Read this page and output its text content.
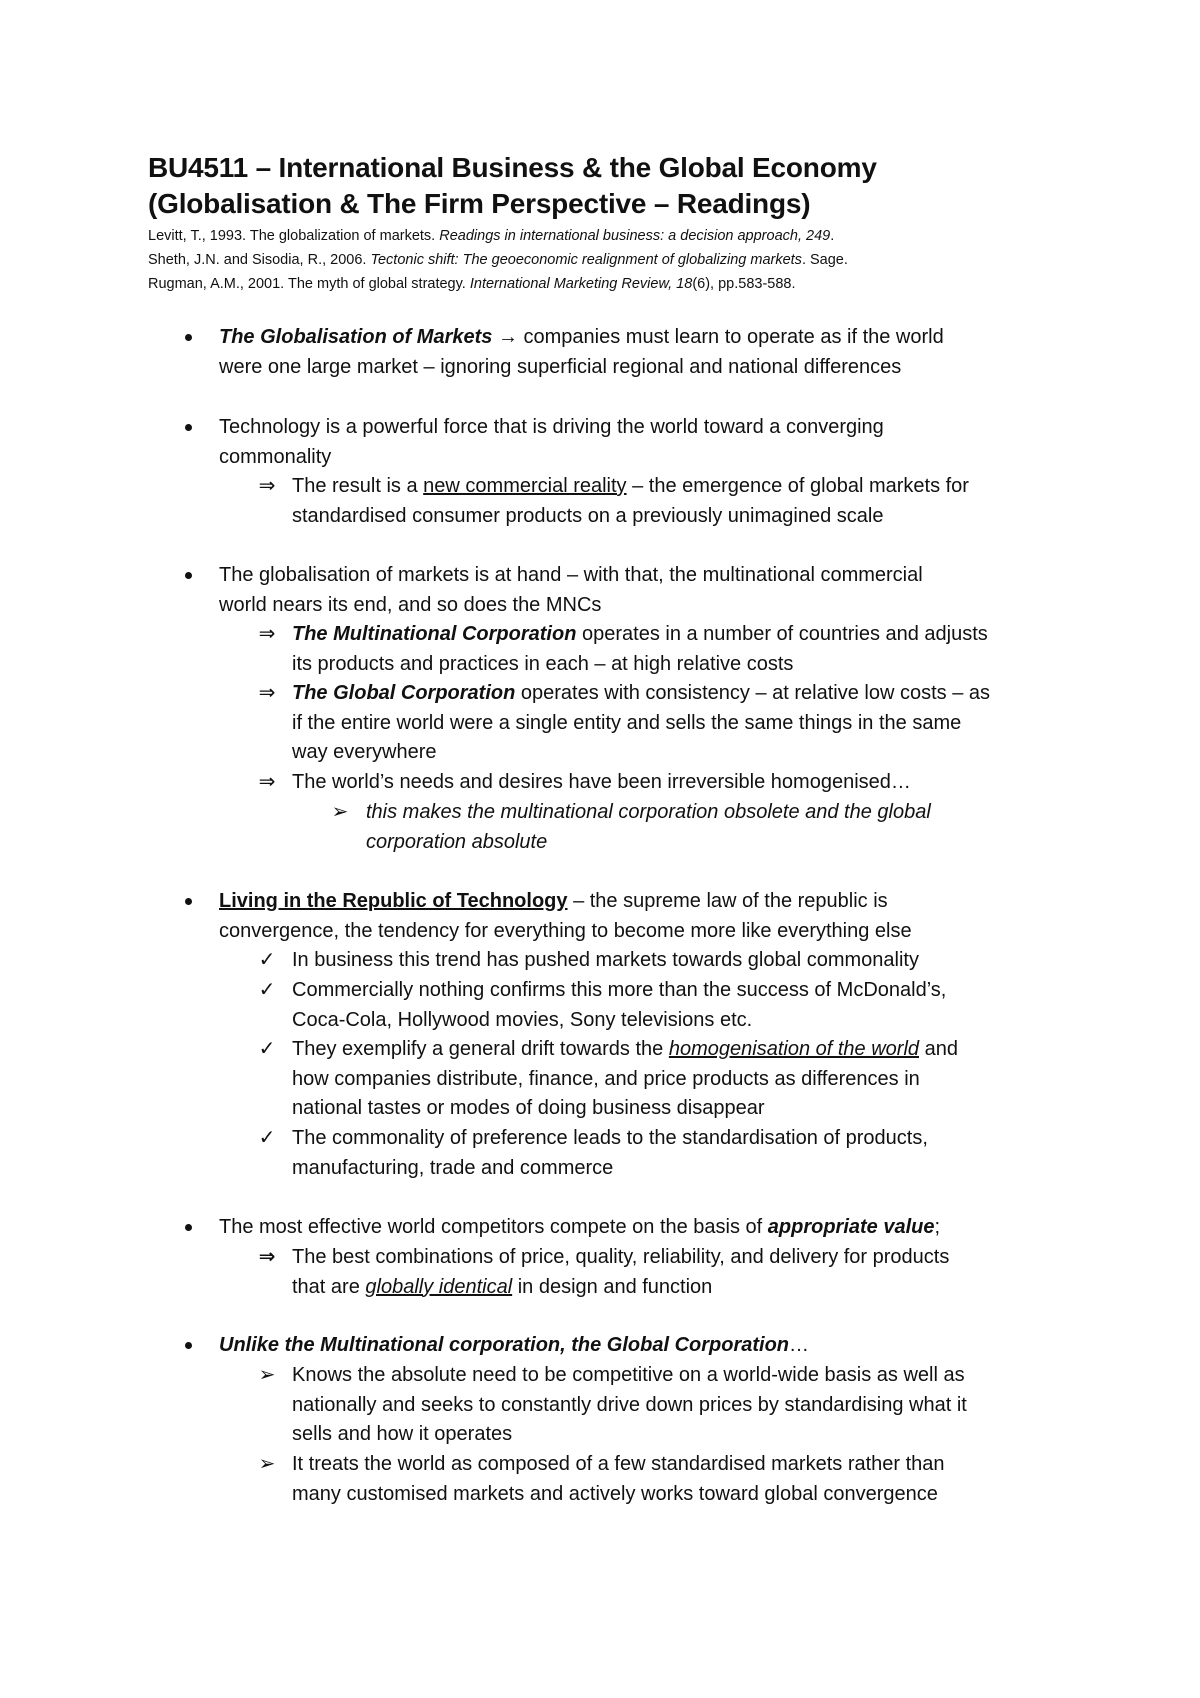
BU4511 – International Business & the Global Economy
(Globalisation & The Firm Perspective – Readings)
Levitt, T., 1993. The globalization of markets. Readings in international business: a decision approach, 249.
Sheth, J.N. and Sisodia, R., 2006. Tectonic shift: The geoeconomic realignment of globalizing markets. Sage.
Rugman, A.M., 2001. The myth of global strategy. International Marketing Review, 18(6), pp.583-588.
The Globalisation of Markets → companies must learn to operate as if the world
were one large market – ignoring superficial regional and national differences
Technology is a powerful force that is driving the world toward a converging
commonality
⇒ The result is a new commercial reality – the emergence of global markets for
standardised consumer products on a previously unimagined scale
The globalisation of markets is at hand – with that, the multinational commercial
world nears its end, and so does the MNCs
⇒ The Multinational Corporation operates in a number of countries and adjusts
its products and practices in each – at high relative costs
⇒ The Global Corporation operates with consistency – at relative low costs – as
if the entire world were a single entity and sells the same things in the same
way everywhere
⇒ The world’s needs and desires have been irreversible homogenised…
➢ this makes the multinational corporation obsolete and the global
corporation absolute
Living in the Republic of Technology – the supreme law of the republic is
convergence, the tendency for everything to become more like everything else
✓ In business this trend has pushed markets towards global commonality
✓ Commercially nothing confirms this more than the success of McDonald’s,
Coca-Cola, Hollywood movies, Sony televisions etc.
✓ They exemplify a general drift towards the homogenisation of the world and
how companies distribute, finance, and price products as differences in
national tastes or modes of doing business disappear
✓ The commonality of preference leads to the standardisation of products,
manufacturing, trade and commerce
The most effective world competitors compete on the basis of appropriate value;
⇒ The best combinations of price, quality, reliability, and delivery for products
that are globally identical in design and function
Unlike the Multinational corporation, the Global Corporation…
➢ Knows the absolute need to be competitive on a world-wide basis as well as
nationally and seeks to constantly drive down prices by standardising what it
sells and how it operates
➢ It treats the world as composed of a few standardised markets rather than
many customised markets and actively works toward global convergence
